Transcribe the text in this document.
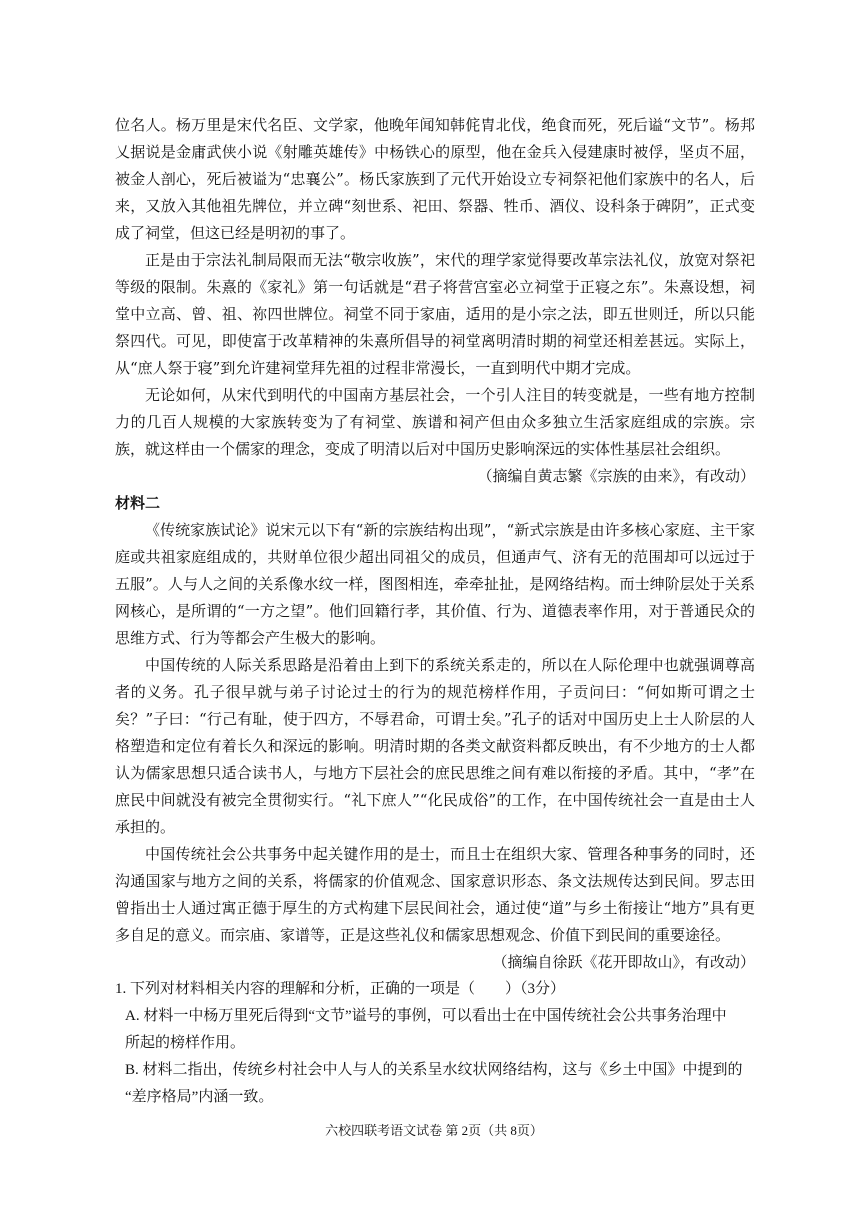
位名人。杨万里是宋代名臣、文学家，他晚年闻知韩侂胄北伐，绝食而死，死后谥“文节”。杨邦乂据说是金庸武侠小说《射雕英雄传》中杨铁心的原型，他在金兵入侵建康时被俘，坚贞不屈，被金人剖心，死后被谥为“忠襄公”。杨氏家族到了元代开始设立专祠祭祀他们家族中的名人，后来，又放入其他祖先牌位，并立碑“刻世系、祀田、祭器、牲币、酒仪、设科条于碑阴”，正式变成了祠堂，但这已经是明初的事了。

正是由于宗法礼制局限而无法“敬宗收族”，宋代的理学家觉得要改革宗法礼仪，放宽对祭祀等级的限制。朱熹的《家礼》第一句话就是“君子将营宫室必立祠堂于正寝之东”。朱熹设想，祠堂中立高、曾、祖、祢四世牌位。祠堂不同于家庙，适用的是小宗之法，即五世则迁，所以只能祭四代。可见，即使富于改革精神的朱熹所倡导的祠堂离明清时期的祠堂还相差甚远。实际上，从“庶人祭于寝”到允许建祠堂拜先祖的过程非常漫长，一直到明代中期才完成。

无论如何，从宋代到明代的中国南方基层社会，一个引人注目的转变就是，一些有地方控制力的几百人规模的大家族转变为了有祠堂、族谱和祠产但由众多独立生活家庭组成的宗族。宗族，就这样由一个儒家的理念，变成了明清以后对中国历史影响深远的实体性基层社会组织。

（摘编自黄志繁《宗族的由来》，有改动）

材料二

《传统家族试论》说宋元以下有“新的宗族结构出现”，“新式宗族是由许多核心家庭、主干家庭或共祖家庭组成的，共财单位很少超出同祖父的成员，但通声气、济有无的范围却可以远过于五服”。人与人之间的关系像水纹一样，图图相连，牵牵扯扯，是网络结构。而士绅阶层处于关系网核心，是所谓的“一方之望”。他们回籍行孝，其价值、行为、道德表率作用，对于普通民众的思维方式、行为等都会产生极大的影响。

中国传统的人际关系思路是沿着由上到下的系统关系走的，所以在人际伦理中也就强调尊高者的义务。孔子很早就与弟子讨论过士的行为的规范榜样作用，子贡问曰：“何如斯可谓之士矣？”子曰：“行己有耻，使于四方，不辱君命，可谓士矣。”孔子的话对中国历史上士人阶层的人格塑造和定位有着长久和深远的影响。明清时期的各类文献资料都反映出，有不少地方的士人都认为儒家思想只适合读书人，与地方下层社会的庶民思维之间有难以衔接的矛盾。其中，“孝”在庶民中间就没有被完全贯彻实行。“礼下庶人”“化民成俗”的工作，在中国传统社会一直是由士人承担的。

中国传统社会公共事务中起关键作用的是士，而且士在组织大家、管理各种事务的同时，还沟通国家与地方之间的关系，将儒家的价值观念、国家意识形态、条文法规传达到民间。罗志田曾指出士人通过寓正德于厚生的方式构建下层民间社会，通过使“道”与乡土衔接让“地方”具有更多自足的意义。而宗庙、家谱等，正是这些礼仪和儒家思想观念、价值下到民间的重要途径。

（摘编自徐跃《花开即故山》，有改动）

1. 下列对材料相关内容的理解和分析，正确的一项是（　　）（3分）

A. 材料一中杨万里死后得到“文节”谥号的事例，可以看出士在中国传统社会公共事务治理中
所起的榜样作用。

B. 材料二指出，传统乡村社会中人与人的关系呈水纹状网络结构，这与《乡土中国》中提到的
“差序格局”内涵一致。

六校四联考语文试卷 第 2页（共 8页）
